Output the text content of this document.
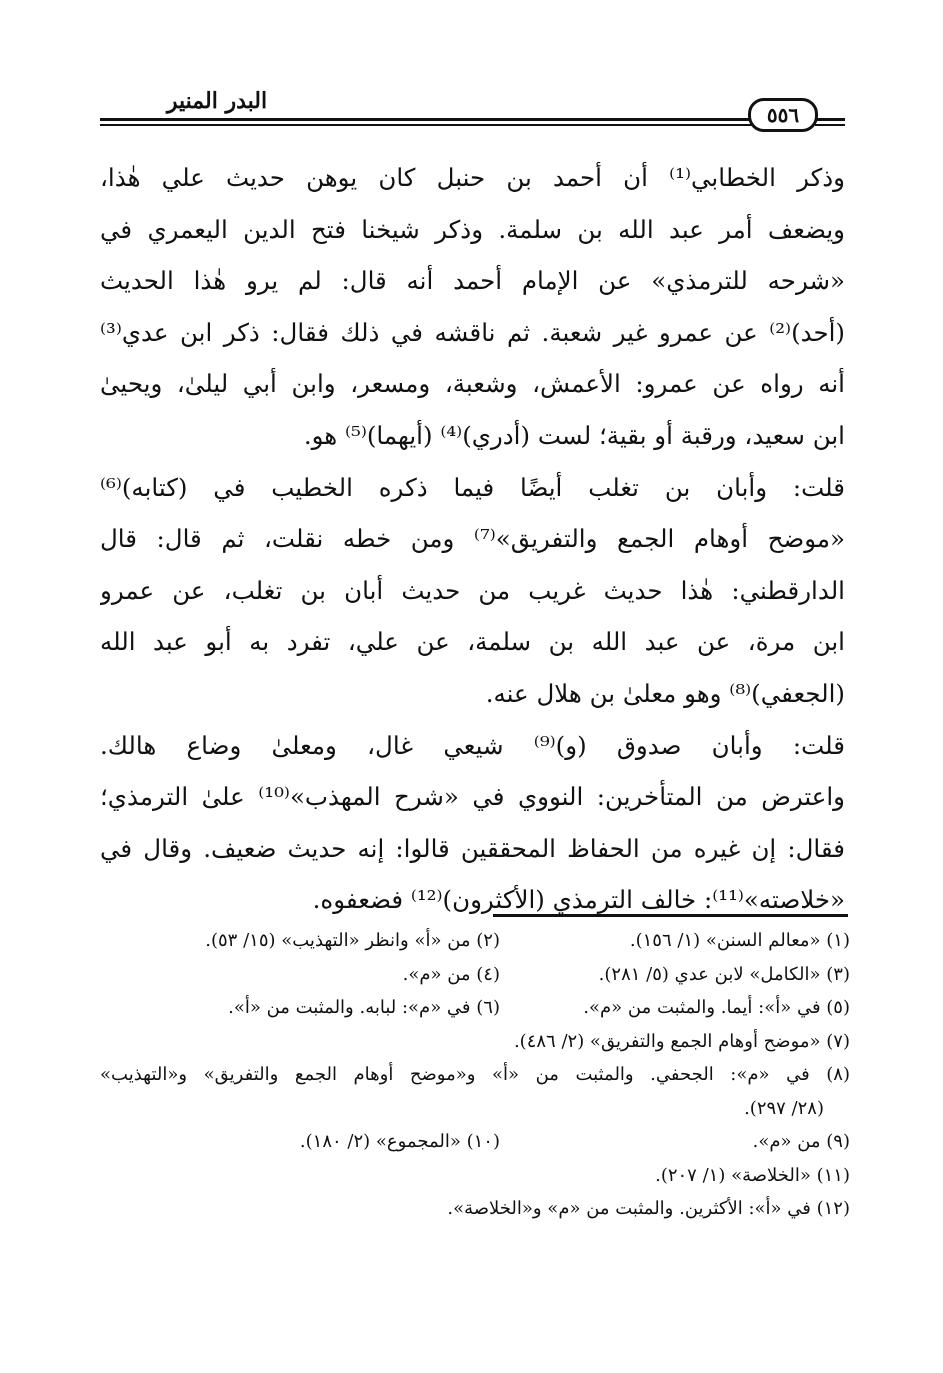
البدر المنير
٥٥٦
وذكر الخطابي⁽¹⁾ أن أحمد بن حنبل كان يوهن حديث علي هٰذا،
ويضعف أمر عبد الله بن سلمة. وذكر شيخنا فتح الدين اليعمري في
«شرحه للترمذي» عن الإمام أحمد أنه قال: لم يرو هٰذا الحديث
(أحد)⁽²⁾ عن عمرو غير شعبة. ثم ناقشه في ذلك فقال: ذكر ابن عدي⁽³⁾
أنه رواه عن عمرو: الأعمش، وشعبة، ومسعر، وابن أبي ليلىٰ، ويحيىٰ
ابن سعيد، ورقبة أو بقية؛ لست (أدري)⁽⁴⁾ (أيهما)⁽⁵⁾ هو.
قلت: وأبان بن تغلب أيضًا فيما ذكره الخطيب في (كتابه)⁽⁶⁾
«موضح أوهام الجمع والتفريق»⁽⁷⁾ ومن خطه نقلت، ثم قال: قال
الدارقطني: هٰذا حديث غريب من حديث أبان بن تغلب، عن عمرو
ابن مرة، عن عبد الله بن سلمة، عن علي، تفرد به أبو عبد الله
(الجعفي)⁽⁸⁾ وهو معلىٰ بن هلال عنه.
قلت: وأبان صدوق (و)⁽⁹⁾ شيعي غال، ومعلىٰ وضاع هالك.
واعترض من المتأخرين: النووي في «شرح المهذب»⁽¹⁰⁾ علىٰ الترمذي؛
فقال: إن غيره من الحفاظ المحققين قالوا: إنه حديث ضعيف. وقال في
«خلاصته»⁽¹¹⁾: خالف الترمذي (الأكثرون)⁽¹²⁾ فضعفوه.
(١) «معالم السنن» (١/ ١٥٦).
(٢) من «أ» وانظر «التهذيب» (١٥/ ٥٣).
(٣) «الكامل» لابن عدي (٥/ ٢٨١).
(٤) من «م».
(٥) في «أ»: أيما. والمثبت من «م».
(٦) في «م»: لبابه. والمثبت من «أ».
(٧) «موضح أوهام الجمع والتفريق» (٢/ ٤٨٦).
(٨) في «م»: الجحفي. والمثبت من «أ» و«موضح أوهام الجمع والتفريق» و«التهذيب»
(٢٨/ ٢٩٧).
(٩) من «م».
(١٠) «المجموع» (٢/ ١٨٠).
(١١) «الخلاصة» (١/ ٢٠٧).
(١٢) في «أ»: الأكثرين. والمثبت من «م» و«الخلاصة».
